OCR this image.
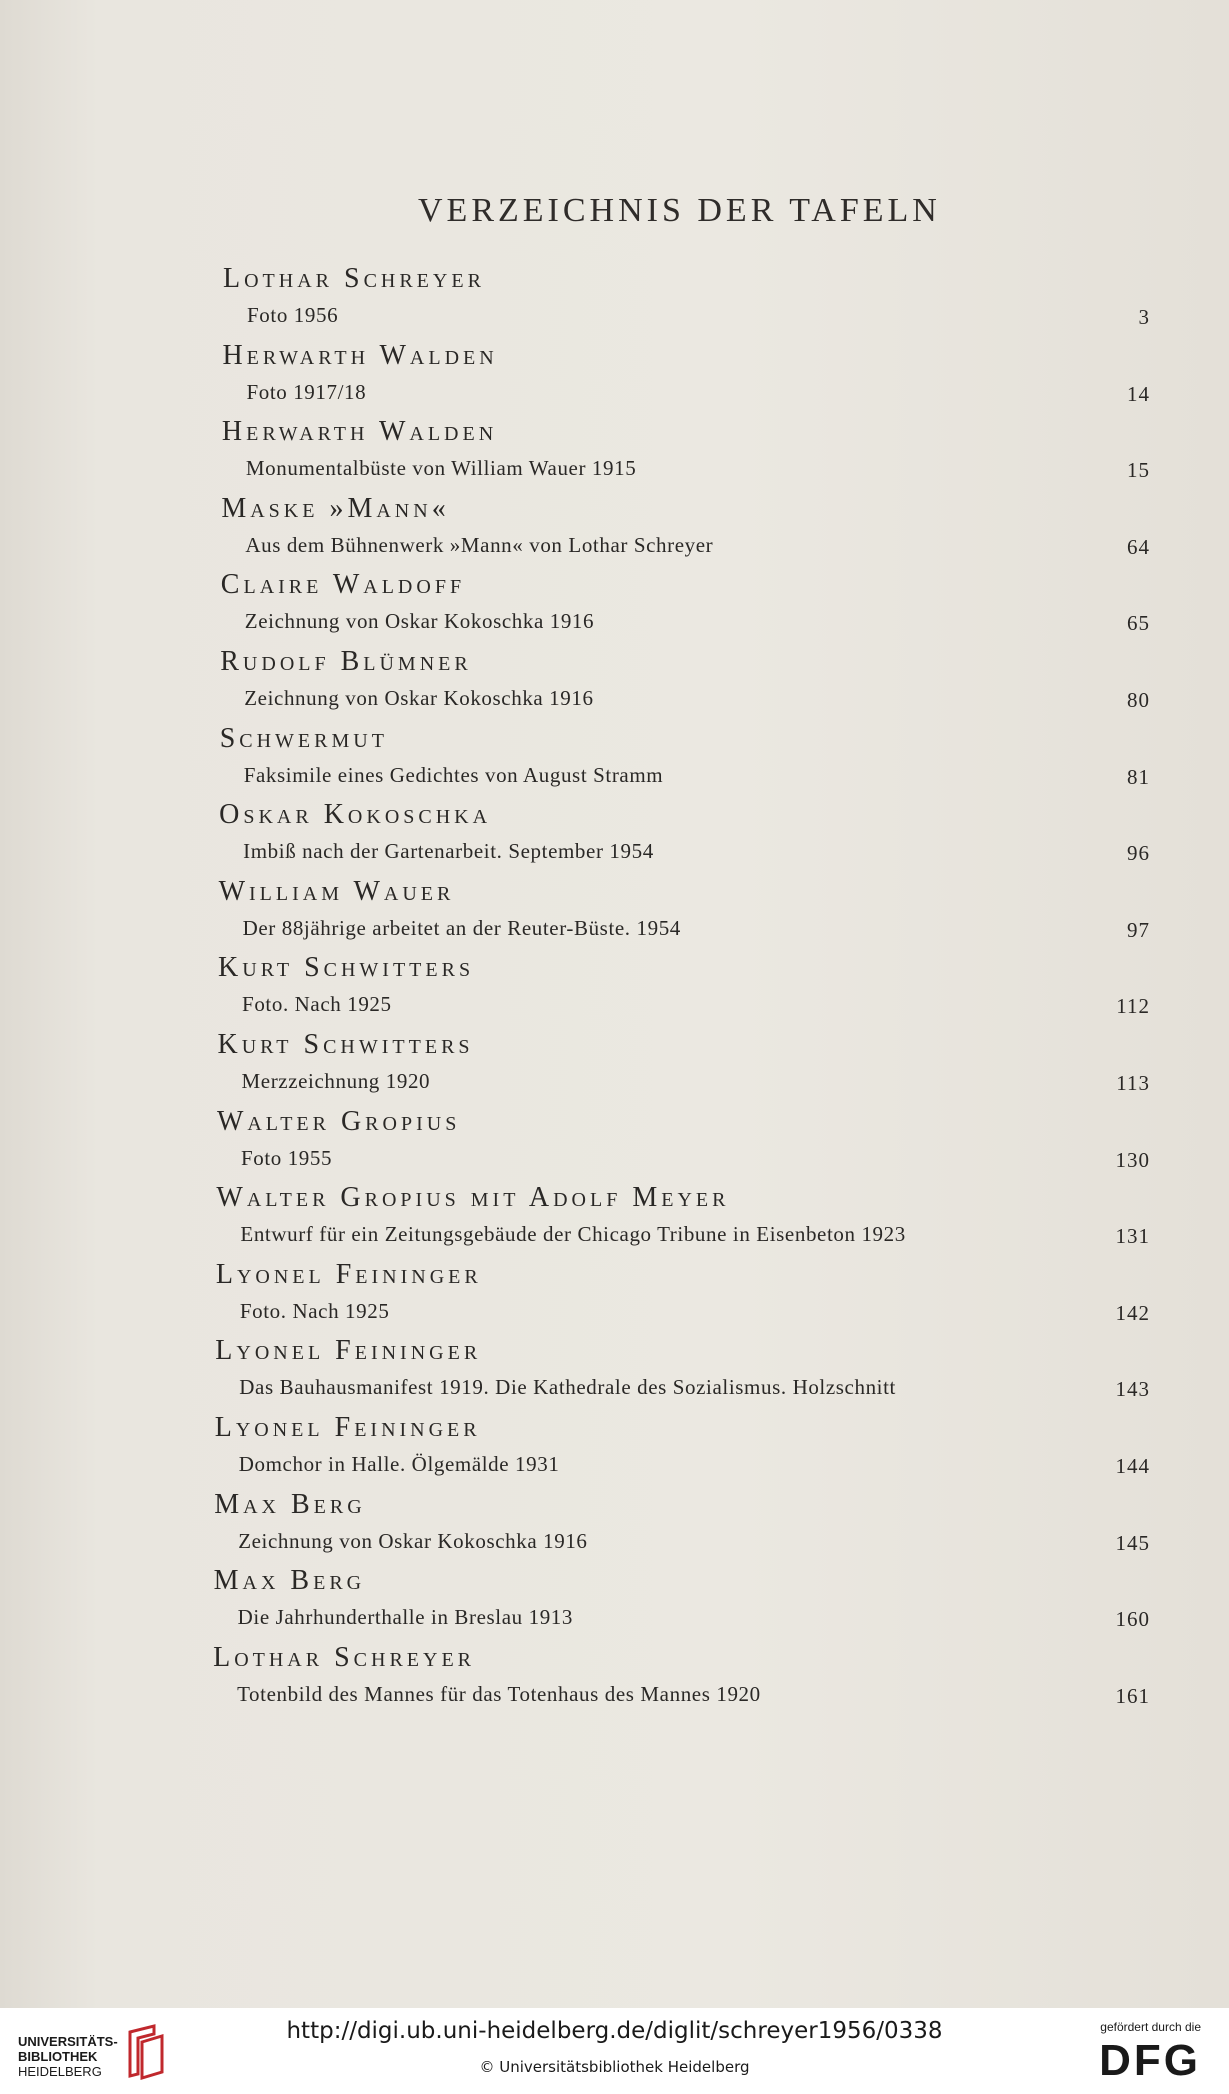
VERZEICHNIS DER TAFELN
Lothar Schreyer
Foto 1956	3
Herwarth Walden
Foto 1917/18	14
Herwarth Walden
Monumentalbüste von William Wauer 1915	15
Maske »Mann«
Aus dem Bühnenwerk »Mann« von Lothar Schreyer	64
Claire Waldoff
Zeichnung von Oskar Kokoschka 1916	65
Rudolf Blümner
Zeichnung von Oskar Kokoschka 1916	80
Schwermut
Faksimile eines Gedichtes von August Stramm	81
Oskar Kokoschka
Imbiß nach der Gartenarbeit. September 1954	96
William Wauer
Der 88jährige arbeitet an der Reuter-Büste. 1954	97
Kurt Schwitters
Foto. Nach 1925	112
Kurt Schwitters
Merzzeichnung 1920	113
Walter Gropius
Foto 1955	130
Walter Gropius mit Adolf Meyer
Entwurf für ein Zeitungsgebäude der Chicago Tribune in Eisenbeton 1923	131
Lyonel Feininger
Foto. Nach 1925	142
Lyonel Feininger
Das Bauhausmanifest 1919. Die Kathedrale des Sozialismus. Holzschnitt	143
Lyonel Feininger
Domchor in Halle. Ölgemälde 1931	144
Max Berg
Zeichnung von Oskar Kokoschka 1916	145
Max Berg
Die Jahrhunderthalle in Breslau 1913	160
Lothar Schreyer
Totenbild des Mannes für das Totenhaus des Mannes 1920	161
UNIVERSITÄTS-
BIBLIOTHEK
HEIDELBERG
http://digi.ub.uni-heidelberg.de/diglit/schreyer1956/0338
© Universitätsbibliothek Heidelberg
gefördert durch die
DFG
